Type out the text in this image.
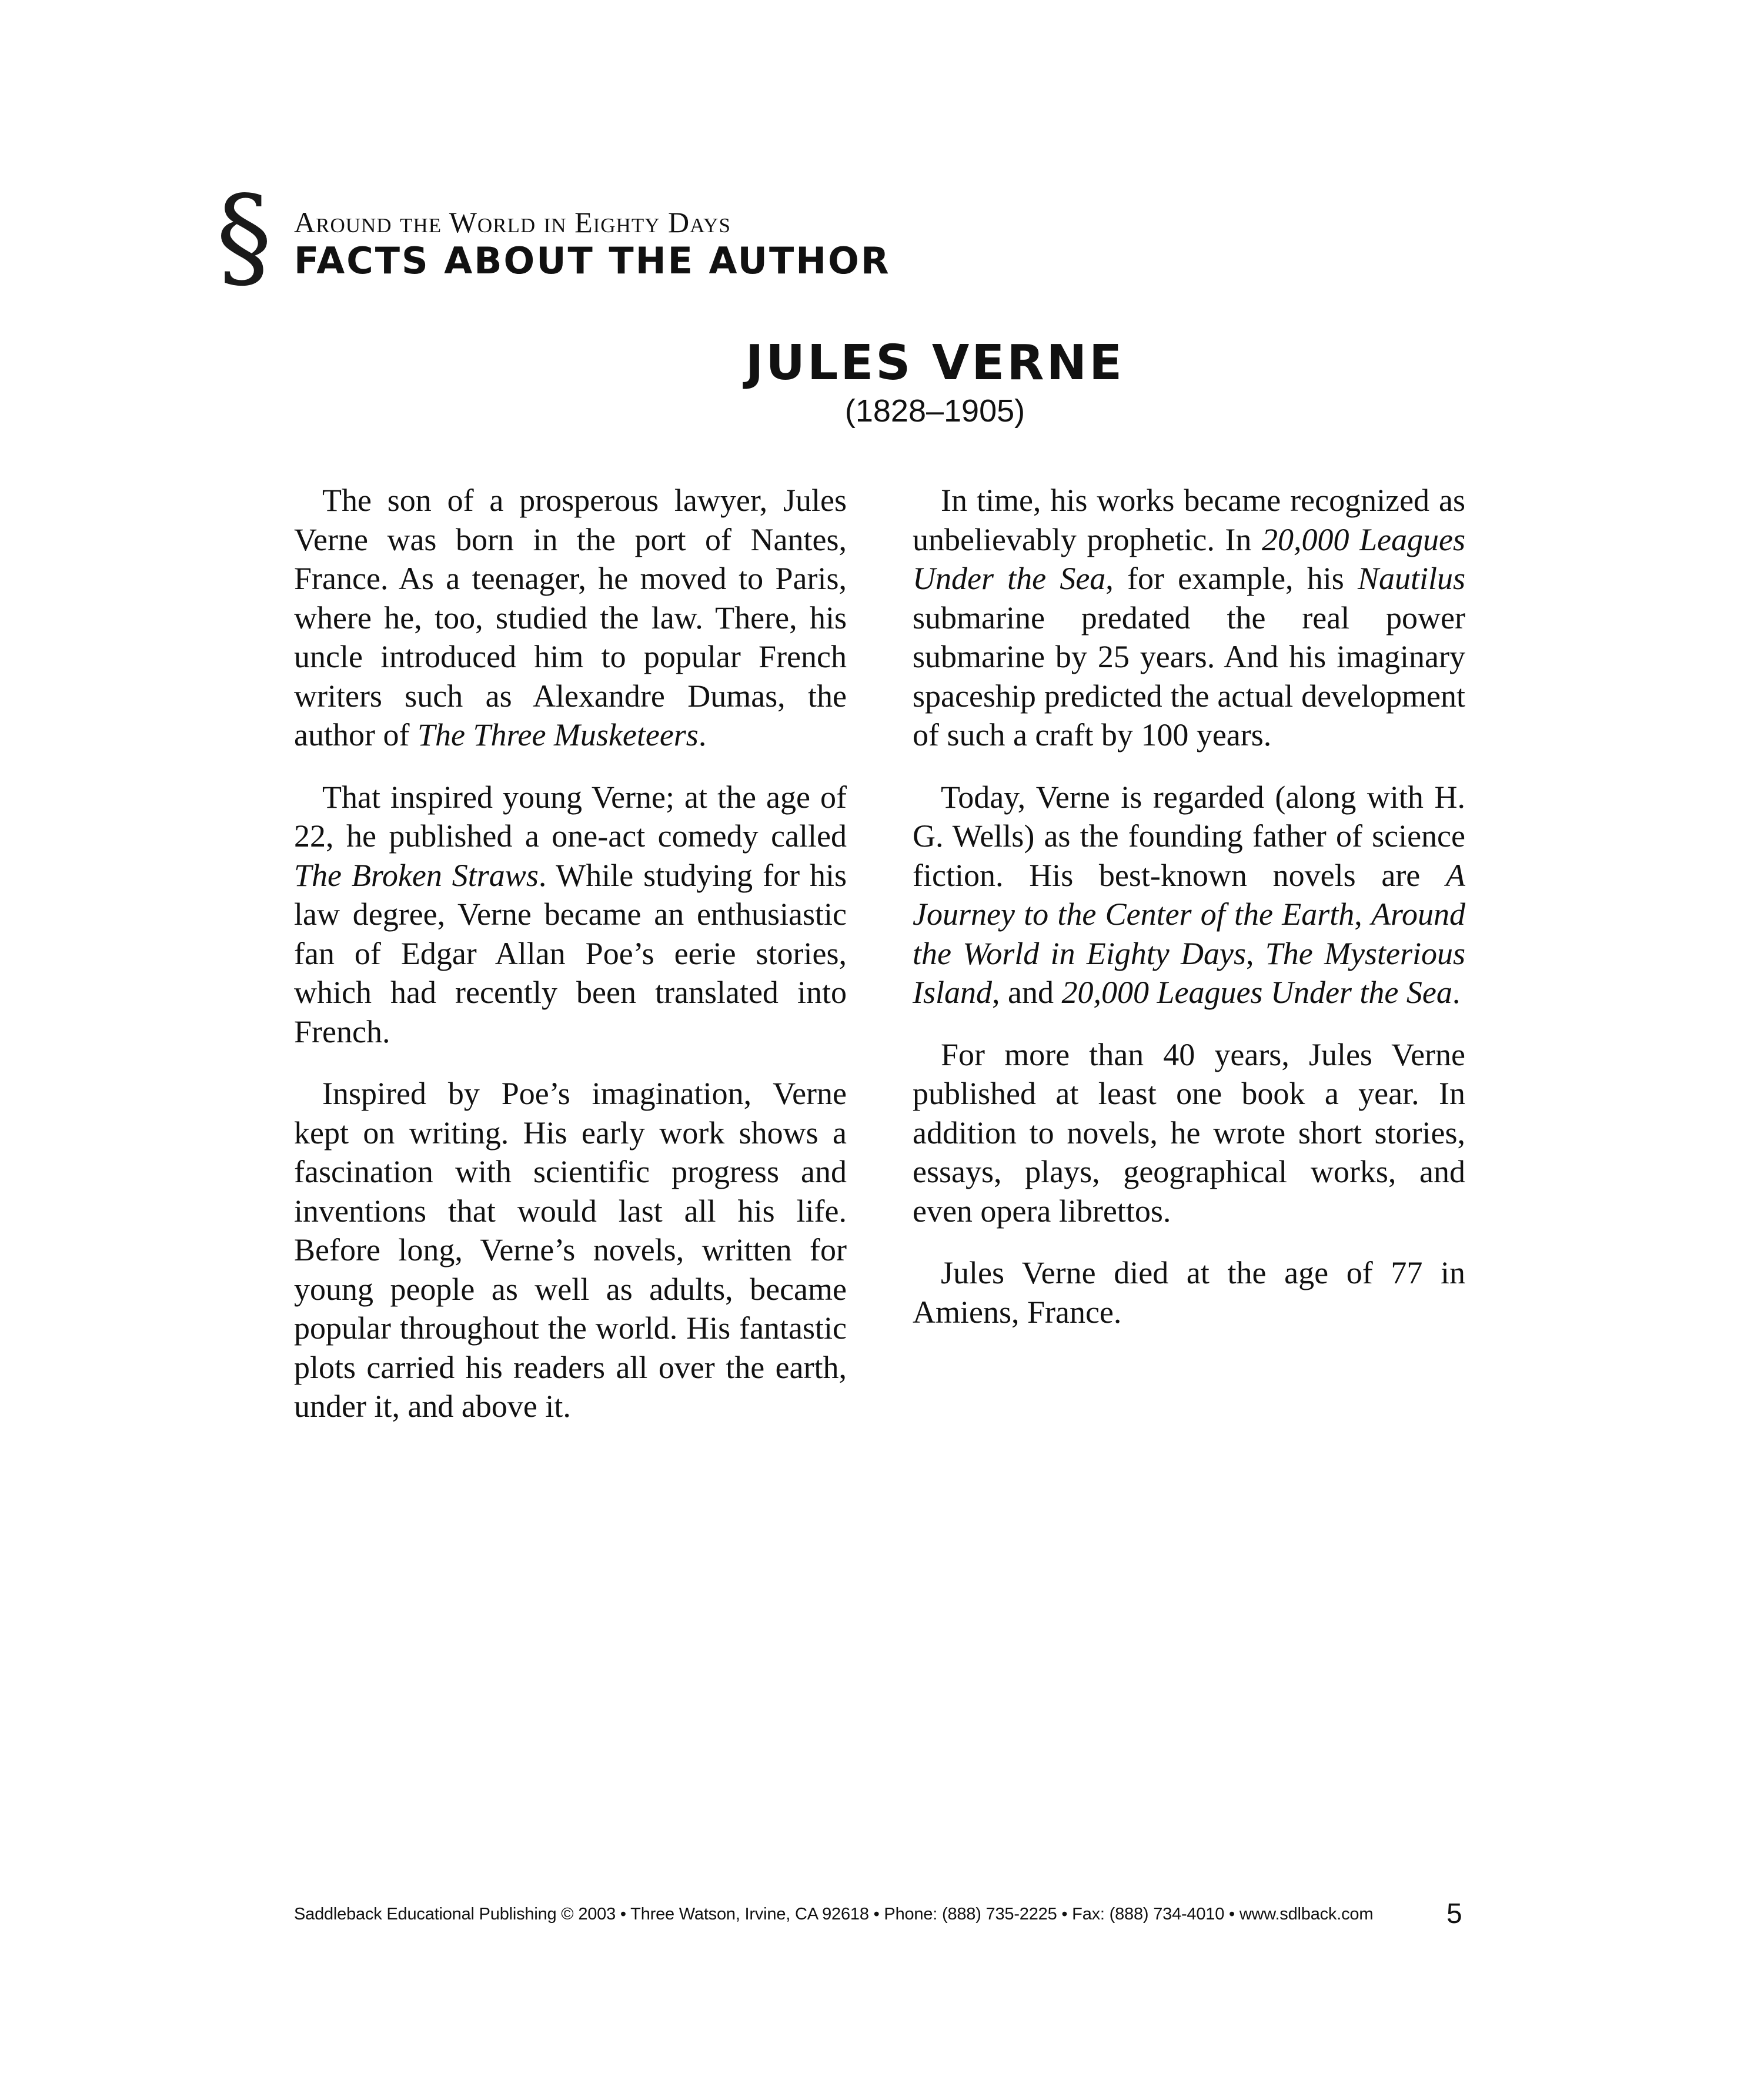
§ Around the World in Eighty Days
FACTS ABOUT THE AUTHOR
JULES VERNE
(1828–1905)

The son of a prosperous lawyer, Jules Verne was born in the port of Nantes, France. As a teenager, he moved to Paris, where he, too, studied the law. There, his uncle introduced him to popular French writers such as Alexandre Dumas, the author of The Three Musketeers.

That inspired young Verne; at the age of 22, he published a one-act comedy called The Broken Straws. While studying for his law degree, Verne became an enthusiastic fan of Edgar Allan Poe’s eerie stories, which had recently been translated into French.

Inspired by Poe’s imagination, Verne kept on writing. His early work shows a fascination with scientific progress and inventions that would last all his life. Before long, Verne’s novels, written for young people as well as adults, became popular throughout the world. His fantastic plots carried his readers all over the earth, under it, and above it.

In time, his works became recognized as unbelievably prophetic. In 20,000 Leagues Under the Sea, for example, his Nautilus submarine predated the real power submarine by 25 years. And his imaginary spaceship predicted the actual development of such a craft by 100 years.

Today, Verne is regarded (along with H. G. Wells) as the founding father of science fiction. His best-known novels are A Journey to the Center of the Earth, Around the World in Eighty Days, The Mysterious Island, and 20,000 Leagues Under the Sea.

For more than 40 years, Jules Verne published at least one book a year. In addition to novels, he wrote short stories, essays, plays, geographical works, and even opera librettos.

Jules Verne died at the age of 77 in Amiens, France.

Saddleback Educational Publishing © 2003 • Three Watson, Irvine, CA 92618 • Phone: (888) 735-2225 • Fax: (888) 734-4010 • www.sdlback.com	5
